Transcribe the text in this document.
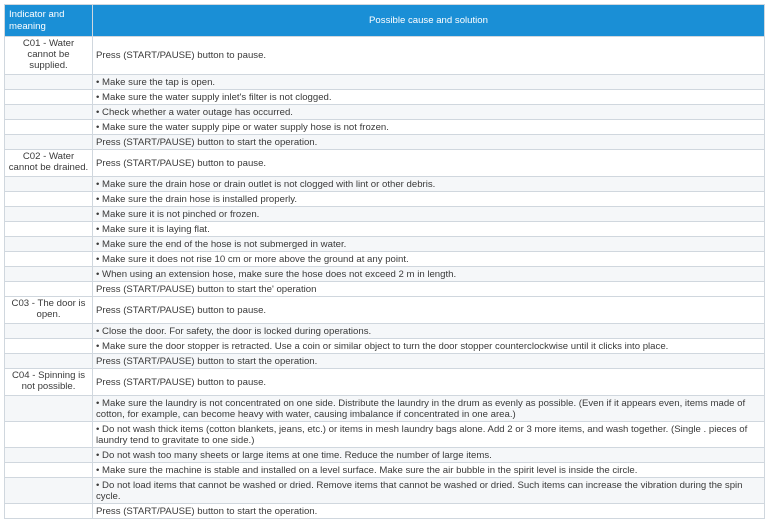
Indicator and meaning	Possible cause and solution
C01 - Water cannot be supplied.	Press (START/PAUSE) button to pause.
	• Make sure the tap is open.
	• Make sure the water supply inlet's filter is not clogged.
	• Check whether a water outage has occurred.
	• Make sure the water supply pipe or water supply hose is not frozen.
	Press (START/PAUSE) button to start the operation.
C02 - Water cannot be drained.	Press (START/PAUSE) button to pause.
	• Make sure the drain hose or drain outlet is not clogged with lint or other debris.
	• Make sure the drain hose is installed properly.
	• Make sure it is not pinched or frozen.
	• Make sure it is laying flat.
	• Make sure the end of the hose is not submerged in water.
	• Make sure it does not rise 10 cm or more above the ground at any point.
	• When using an extension hose, make sure the hose does not exceed 2 m in length.
	Press (START/PAUSE) button to start the' operation
C03 - The door is open.	Press (START/PAUSE) button to pause.
	• Close the door. For safety, the door is locked during operations.
	• Make sure the door stopper is retracted. Use a coin or similar object to turn the door stopper counterclockwise until it clicks into place.
	Press (START/PAUSE) button to start the operation.
C04 - Spinning is not possible.	Press (START/PAUSE) button to pause.
	• Make sure the laundry is not concentrated on one side. Distribute the laundry in the drum as evenly as possible. (Even if it appears even, items made of cotton, for example, can become heavy with water, causing imbalance if concentrated in one area.)
	• Do not wash thick items (cotton blankets, jeans, etc.) or items in mesh laundry bags alone. Add 2 or 3 more items, and wash together. (Single . pieces of laundry tend to gravitate to one side.)
	• Do not wash too many sheets or large items at one time. Reduce the number of large items.
	• Make sure the machine is stable and installed on a level surface. Make sure the air bubble in the spirit level is inside the circle.
	• Do not load items that cannot be washed or dried. Remove items that cannot be washed or dried. Such items can increase the vibration during the spin cycle.
	Press (START/PAUSE) button to start the operation.
